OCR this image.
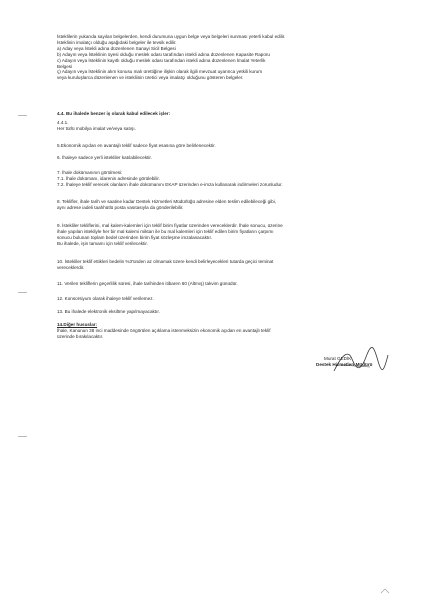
İsteklilerin yukarıda sayılan belgelerden, kendi durumuna uygun belge veya belgeleri sunması yeterli kabul edilir.

İsteklinin imalatçı olduğu aşağıdaki belgeler ile tevsik edilir.

a) Aday veya İstekli adına düzenlenen Sanayi Sicil Belgesi

b) Adayın veya İsteklinin üyesi olduğu meslek odası tarafından istekli adına düzenlenen Kapasite Raporu

c) Adayın veya İsteklinin kayıtlı olduğu meslek odası tarafından istekli adına düzenlenen İmalat Yeterlik

Belgesi

ç) Adayın veya İsteklinin alım konusu malı ürettiğine ilişkin olarak ilgili mevzuat uyarınca yetkili kurum

veya kuruluşlarca düzenlenen ve istekliinin üretici veya imalatçı olduğunu gösteren belgeler.

4.4. Bu ihalede benzer iş olarak kabul edilecek işler:

4.4.1.

Her türlü mobilya imalat ve/veya satışı.

5.Ekonomik açıdan en avantajlı teklif sadece fiyat esasına göre belirlenecektir.

6. İhaleye sadece yerli istekliler katılabilecektir.

7. İhale dokümanının görülmesi:

7.1. İhale dokümanı, idarenin adresinde görülebilir.

7.2. İhaleye teklif verecek olanların ihale dokümanını EKAP üzerinden e-imza kullanarak indirmeleri zorunludur.

8. Teklifler, ihale tarih ve saatine kadar Destek Hizmetleri Müdürlüğü adresine elden teslim edilebileceği gibi,

aynı adrese iadeli taahhütlü posta vasıtasıyla da gönderilebilir.

9. İstekliler tekliflerini, mal kalem-kalemleri için teklif birim fiyatlar üzerinden vereceklerdir. İhale sonucu, üzerine

ihale yapılan istekliyle her bir mal kalemi miktarı ile bu mal kalemleri için teklif edilen birim fiyatların çarpımı

sonucu bulunan toplam bedel üzerinden birim fiyat sözleşme imzalanacaktır.

Bu ihalede, işin tamamı için teklif verilecektir.

10. İstekliler teklif ettikleri bedelin %3'ünden az olmamak üzere kendi belirleyecekleri tutarda geçici teminat

vereceklerdir.

11. Verilen tekliflerin geçerlilik süresi, ihale tarihinden itibaren 60 (Altmış) takvim günüdür.

12. Konsorsiyum olarak ihaleye teklif verilemez.

13. Bu ihalede elektronik eksiltme yapılmayacaktır.

14.Diğer hususlar:

İhale, Kanunun 38 inci maddesinde öngörülen açıklama istenmeksizin ekonomik açıdan en avantajlı teklif

üzerinde bırakılacaktır.

Murat GEDİK

Destek Hizmetleri Müdürü
